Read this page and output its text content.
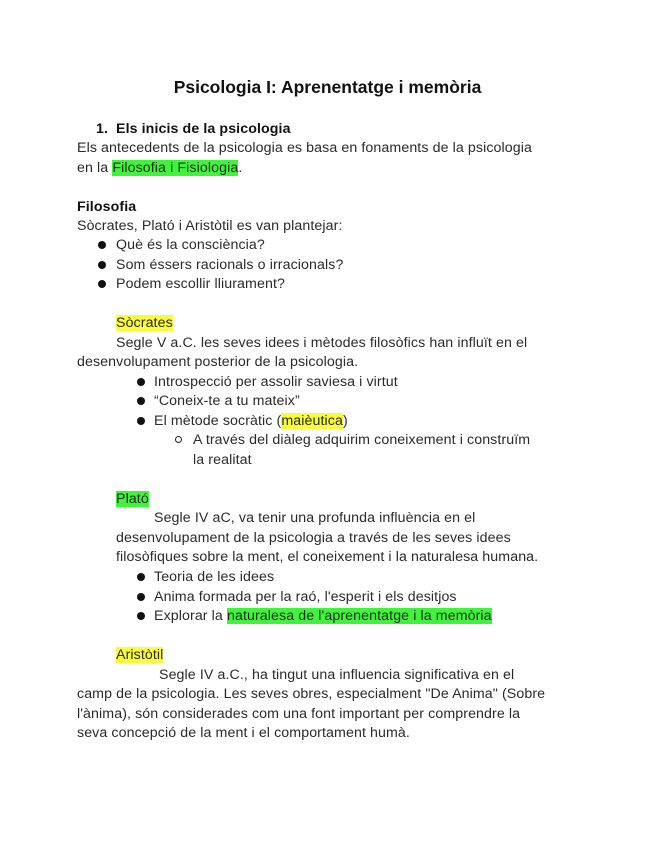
Psicologia I: Aprenentatge i memòria
1. Els inicis de la psicologia
Els antecedents de la psicologia es basa en fonaments de la psicologia
en la Filosofia i Fisiologia.
Filosofia
Sòcrates, Plató i Aristòtil es van plantejar:
Què és la consciència?
Som éssers racionals o irracionals?
Podem escollir lliurament?
Sòcrates
Segle V a.C. les seves idees i mètodes filosòfics han influït en el
desenvolupament posterior de la psicologia.
Introspecció per assolir saviesa i virtut
“Coneix-te a tu mateix”
El mètode socràtic (maièutica)
A través del diàleg adquirim coneixement i construïm
la realitat
Plató
Segle IV aC, va tenir una profunda influència en el
desenvolupament de la psicologia a través de les seves idees
filosòfiques sobre la ment, el coneixement i la naturalesa humana.
Teoria de les idees
Anima formada per la raó, l'esperit i els desitjos
Explorar la naturalesa de l'aprenentatge i la memòria
Aristòtil
Segle IV a.C., ha tingut una influencia significativa en el
camp de la psicologia. Les seves obres, especialment "De Anima" (Sobre
l'ànima), són considerades com una font important per comprendre la
seva concepció de la ment i el comportament humà.
